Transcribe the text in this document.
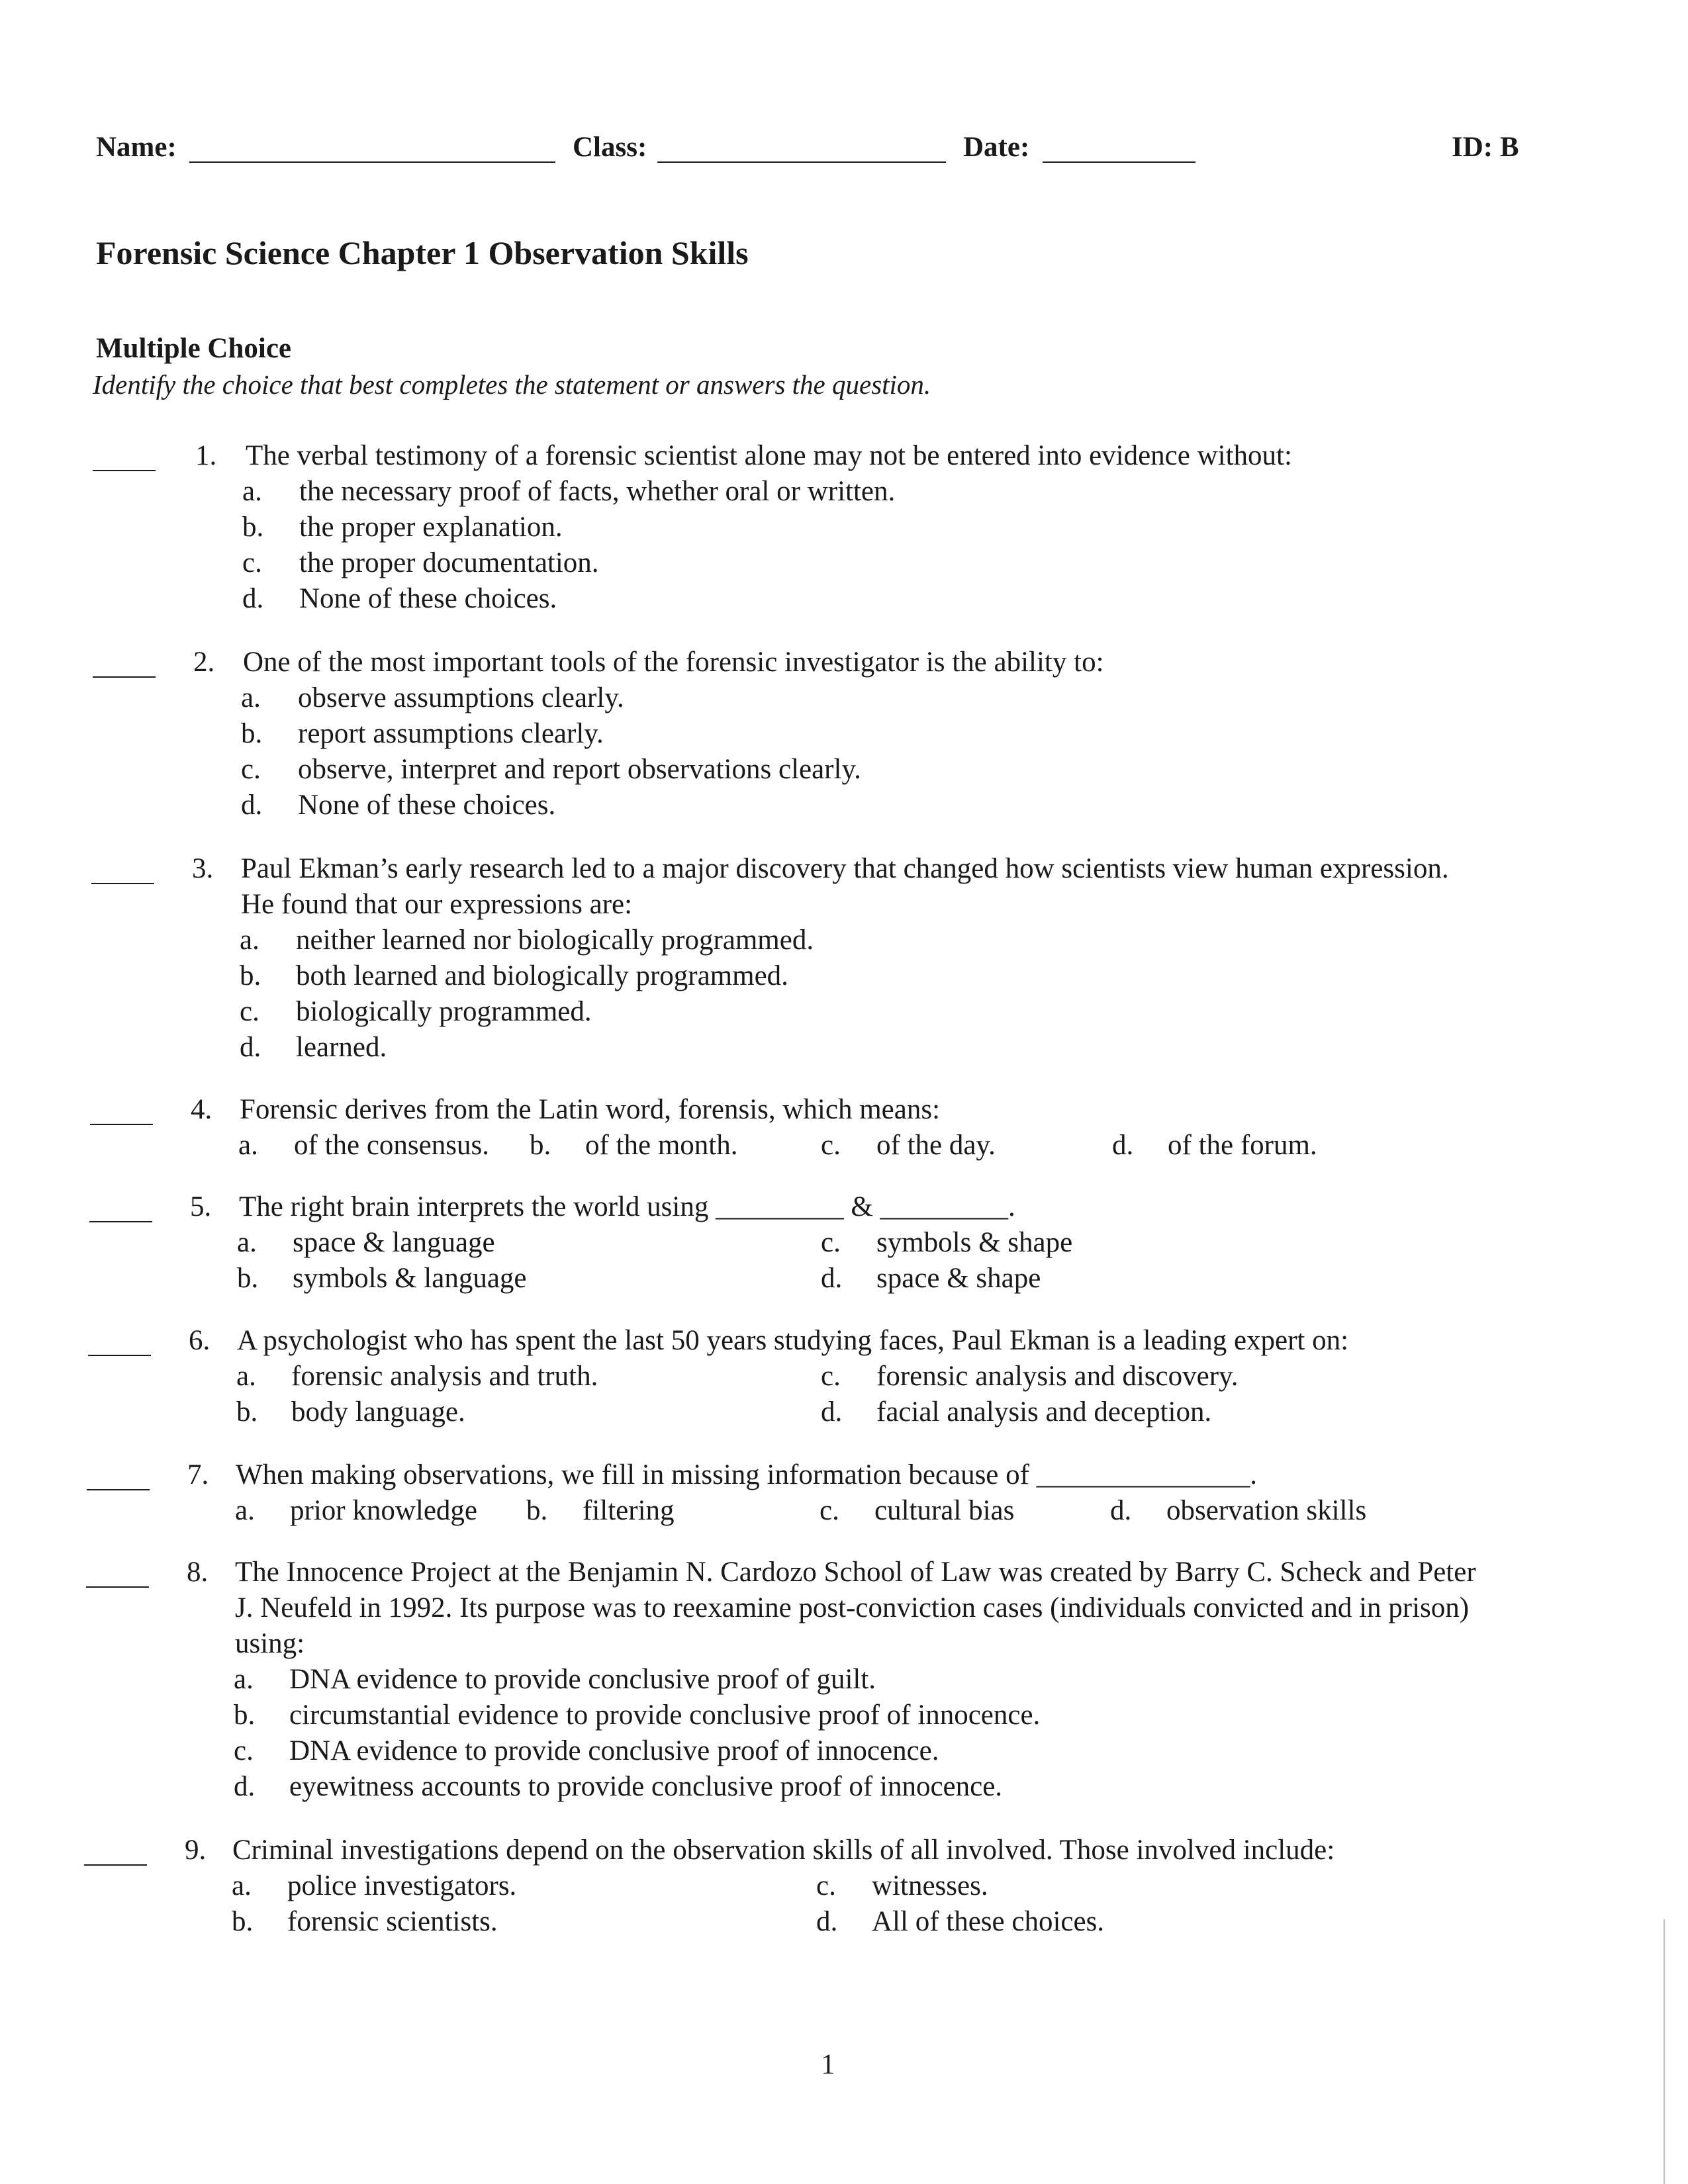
Name:	Class:	Date:	ID: B
Forensic Science Chapter 1 Observation Skills
Multiple Choice
Identify the choice that best completes the statement or answers the question.
1. The verbal testimony of a forensic scientist alone may not be entered into evidence without:
a. the necessary proof of facts, whether oral or written.
b. the proper explanation.
c. the proper documentation.
d. None of these choices.
2. One of the most important tools of the forensic investigator is the ability to:
a. observe assumptions clearly.
b. report assumptions clearly.
c. observe, interpret and report observations clearly.
d. None of these choices.
3. Paul Ekman’s early research led to a major discovery that changed how scientists view human expression.
He found that our expressions are:
a. neither learned nor biologically programmed.
b. both learned and biologically programmed.
c. biologically programmed.
d. learned.
4. Forensic derives from the Latin word, forensis, which means:
a. of the consensus. b. of the month.	c. of the day.	d. of the forum.
5. The right brain interprets the world using _________ & _________.
a. space & language
b. symbols & language
c. symbols & shape
d. space & shape
6. A psychologist who has spent the last 50 years studying faces, Paul Ekman is a leading expert on:
a. forensic analysis and truth.
b. body language.
c. forensic analysis and discovery.
d. facial analysis and deception.
7. When making observations, we fill in missing information because of _______________.
a. prior knowledge b. filtering	c. cultural bias	d. observation skills
8. The Innocence Project at the Benjamin N. Cardozo School of Law was created by Barry C. Scheck and Peter
J. Neufeld in 1992. Its purpose was to reexamine post-conviction cases (individuals convicted and in prison)
using:
a. DNA evidence to provide conclusive proof of guilt.
b. circumstantial evidence to provide conclusive proof of innocence.
c. DNA evidence to provide conclusive proof of innocence.
d. eyewitness accounts to provide conclusive proof of innocence.
9. Criminal investigations depend on the observation skills of all involved. Those involved include:
a. police investigators.
b. forensic scientists.
c. witnesses.
d. All of these choices.
1
